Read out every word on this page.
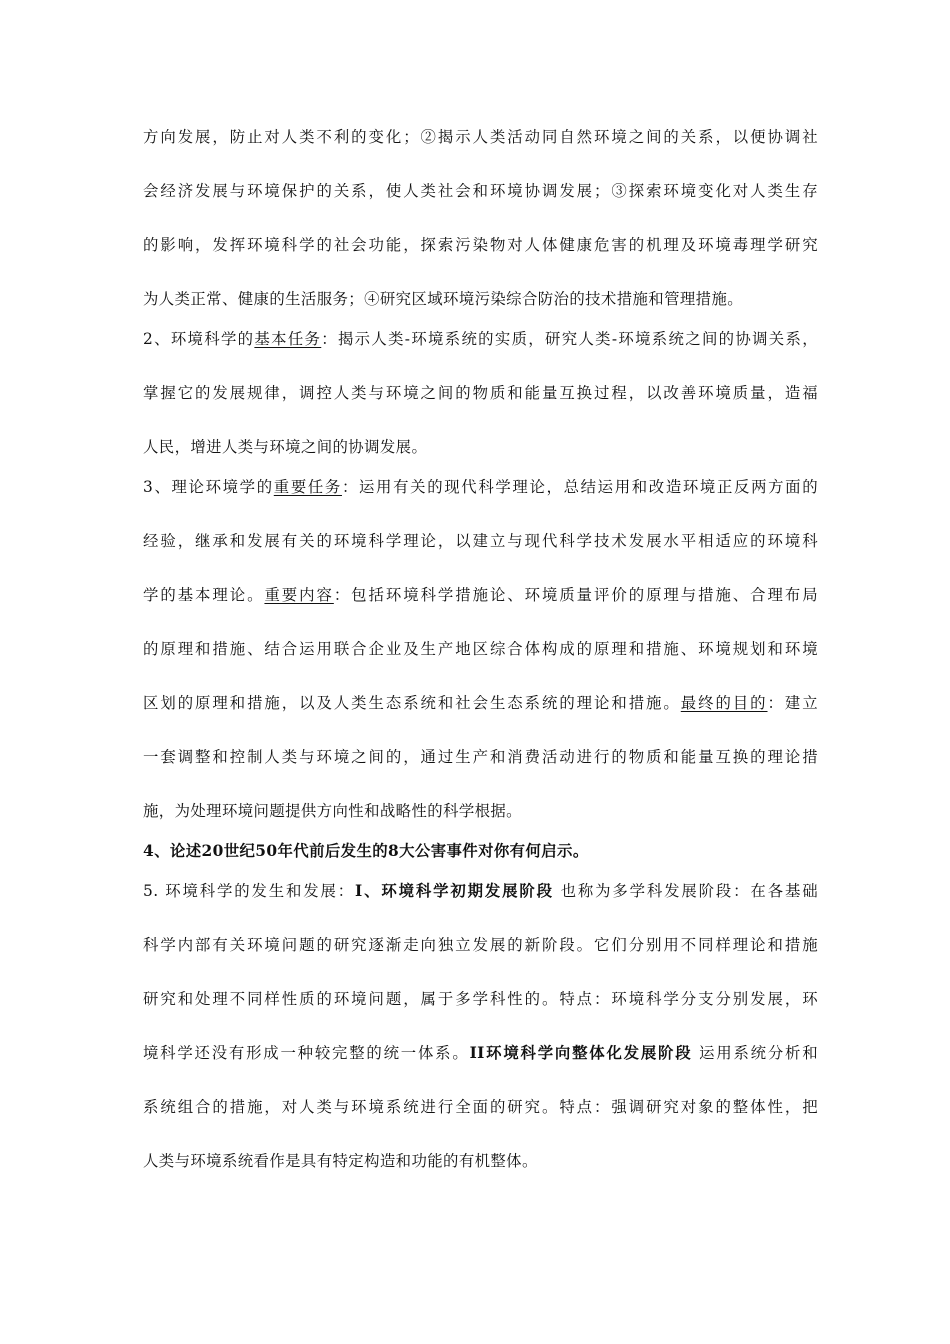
方向发展，防止对人类不利的变化；②揭示人类活动同自然环境之间的关系，以便协调社
会经济发展与环境保护的关系，使人类社会和环境协调发展；③探索环境变化对人类生存
的影响，发挥环境科学的社会功能，探索污染物对人体健康危害的机理及环境毒理学研究
为人类正常、健康的生活服务；④研究区域环境污染综合防治的技术措施和管理措施。

2、环境科学的基本任务：揭示人类-环境系统的实质，研究人类-环境系统之间的协调关系，
掌握它的发展规律，调控人类与环境之间的物质和能量互换过程，以改善环境质量，造福
人民，增进人类与环境之间的协调发展。

3、理论环境学的重要任务：运用有关的现代科学理论，总结运用和改造环境正反两方面的
经验，继承和发展有关的环境科学理论，以建立与现代科学技术发展水平相适应的环境科
学的基本理论。重要内容：包括环境科学措施论、环境质量评价的原理与措施、合理布局
的原理和措施、结合运用联合企业及生产地区综合体构成的原理和措施、环境规划和环境
区划的原理和措施，以及人类生态系统和社会生态系统的理论和措施。最终的目的：建立
一套调整和控制人类与环境之间的，通过生产和消费活动进行的物质和能量互换的理论措
施，为处理环境问题提供方向性和战略性的科学根据。

4、论述20世纪50年代前后发生的8大公害事件对你有何启示。

5. 环境科学的发生和发展：I、环境科学初期发展阶段 也称为多学科发展阶段：在各基础
科学内部有关环境问题的研究逐渐走向独立发展的新阶段。它们分别用不同样理论和措施
研究和处理不同样性质的环境问题，属于多学科性的。特点：环境科学分支分别发展，环
境科学还没有形成一种较完整的统一体系。II环境科学向整体化发展阶段 运用系统分析和
系统组合的措施，对人类与环境系统进行全面的研究。特点：强调研究对象的整体性，把
人类与环境系统看作是具有特定构造和功能的有机整体。
